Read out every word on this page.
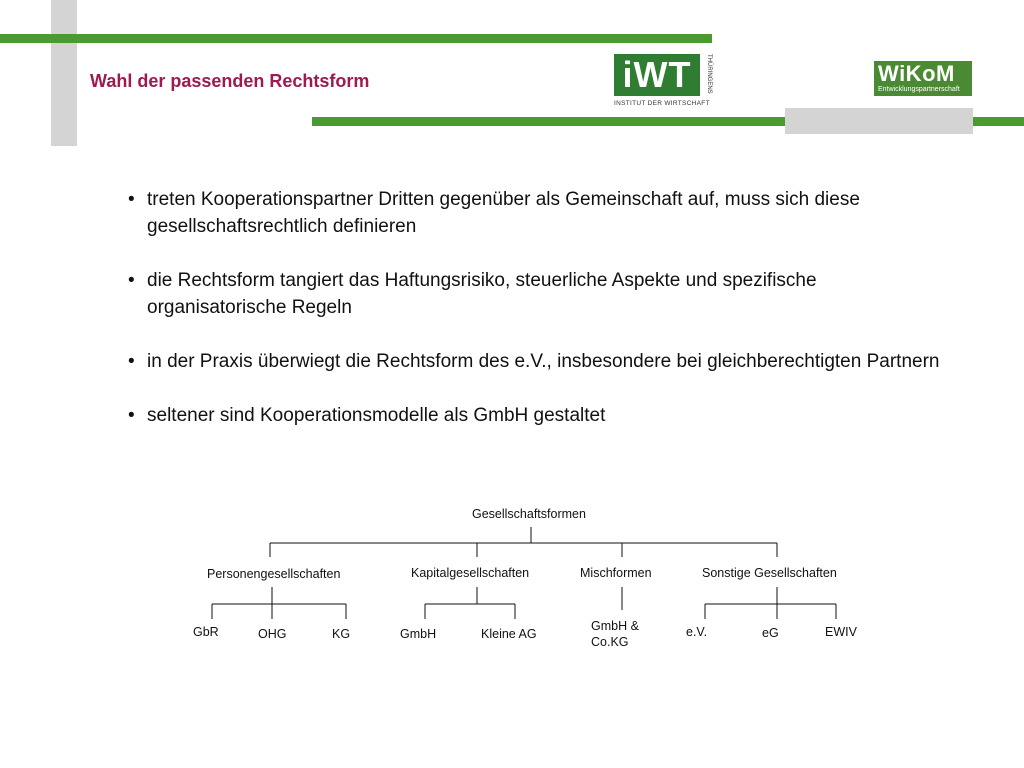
Wahl der passenden Rechtsform	iWT	THÜRINGENS
INSTITUT DER WIRTSCHAFT
WiKoM
Entwicklungspartnerschaft
• treten Kooperationspartner Dritten gegenüber als Gemeinschaft auf, muss sich diese gesellschaftsrechtlich definieren
• die Rechtsform tangiert das Haftungsrisiko, steuerliche Aspekte und spezifische organisatorische Regeln
• in der Praxis überwiegt die Rechtsform des e.V., insbesondere bei gleichberechtigten Partnern
• seltener sind Kooperationsmodelle als GmbH gestaltet
Gesellschaftsformen
Personengesellschaften	Kapitalgesellschaften	Mischformen	Sonstige Gesellschaften
GbR	OHG	KG	GmbH	Kleine AG
GmbH & Co.KG
e.V.	eG	EWIV
